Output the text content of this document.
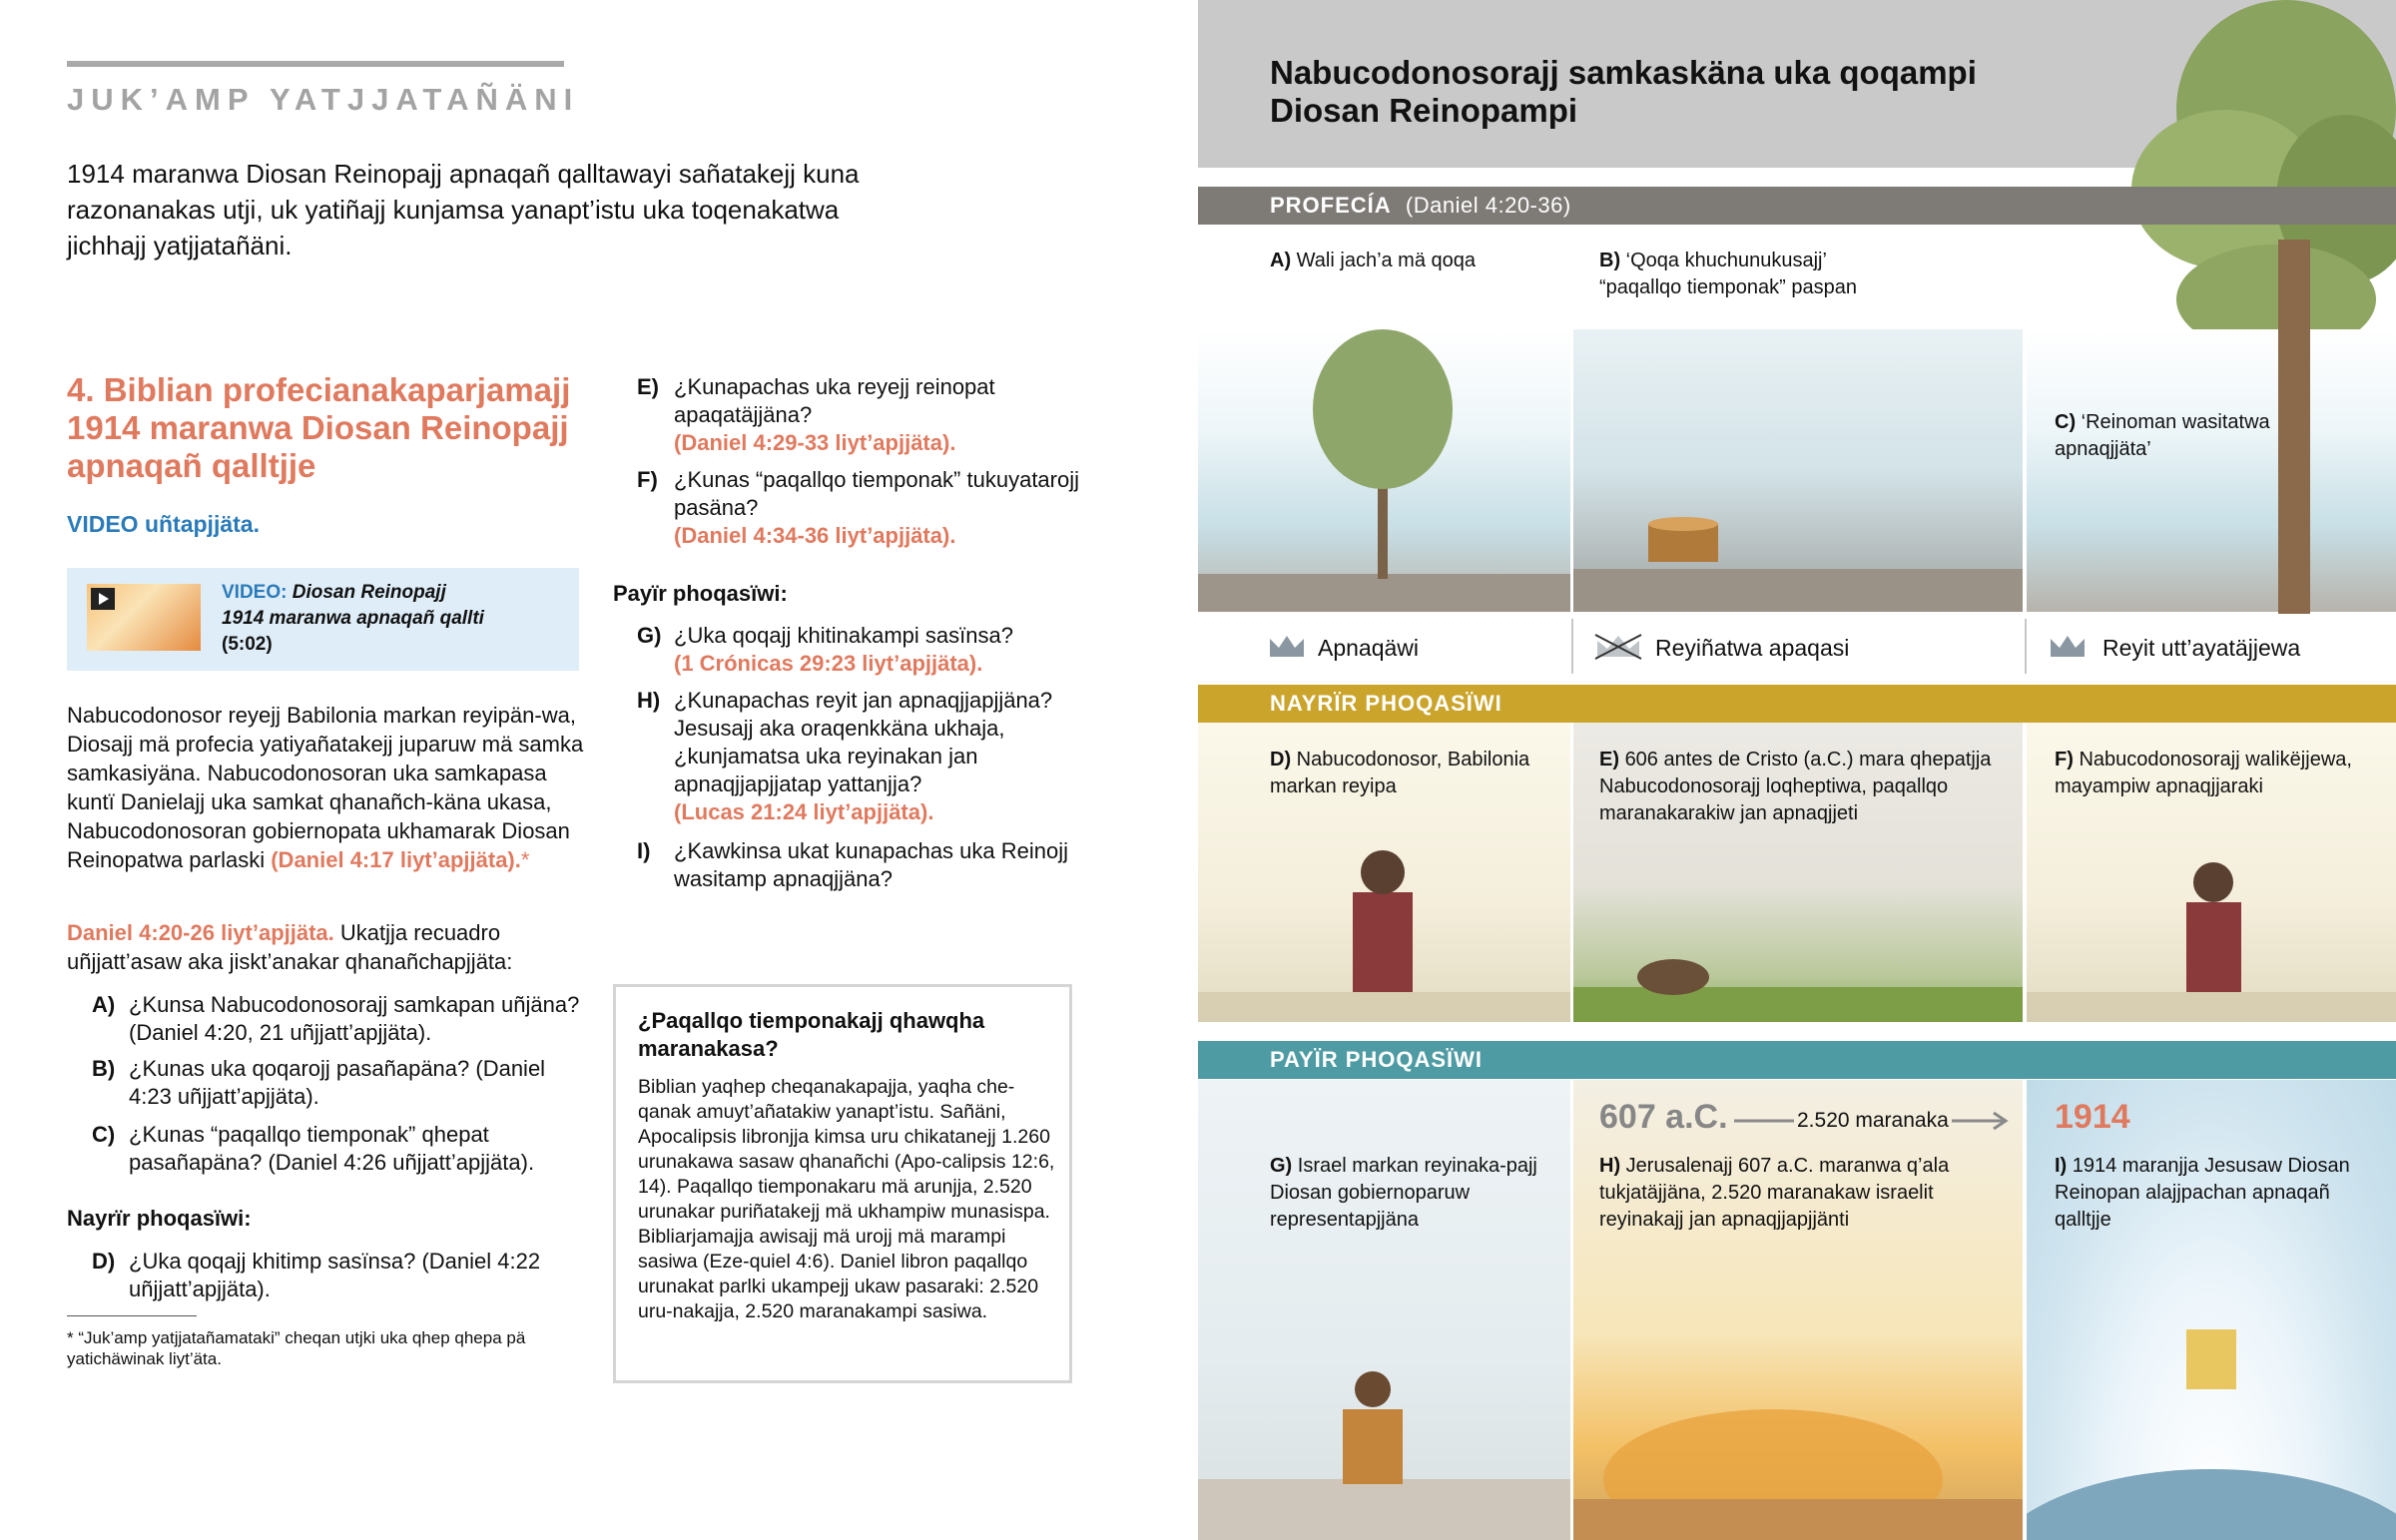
JUK’AMP YATJJATAÑÄNI
1914 maranwa Diosan Reinopajj apnaqañ qalltawayi sañatakejj kuna razonanakas utji, uk yatiñajj kunjamsa yanapt’istu uka toqenakatwa jichhajj yatjjatañäni.
4. Biblian profecianakaparjamajj 1914 maranwa Diosan Reinopajj apnaqañ qalltjje
VIDEO uñtapjjäta.
VIDEO: Diosan Reinopajj
1914 maranwa apnaqañ qallti
(5:02)
Nabucodonosor reyejj Babilonia markan reyipän-wa, Diosajj mä profecia yatiyañatakejj juparuw mä samka samkasiyäna. Nabucodonosoran uka samkapasa kuntï Danielajj uka samkat qhanañch-käna ukasa, Nabucodonosoran gobiernopata ukhamarak Diosan Reinopatwa parlaski (Daniel 4:17 liyt’apjjäta).*
Daniel 4:20-26 liyt’apjjäta. Ukatjja recuadro uñjjatt’asaw aka jiskt’anakar qhanañchapjjäta:
A) ¿Kunsa Nabucodonosorajj samkapan uñjäna? (Daniel 4:20, 21 uñjjatt’apjjäta).
B) ¿Kunas uka qoqarojj pasañapäna? (Daniel 4:23 uñjjatt’apjjäta).
C) ¿Kunas “paqallqo tiemponak” qhepat pasañapäna? (Daniel 4:26 uñjjatt’apjjäta).
Nayrïr phoqasïwi:
D) ¿Uka qoqajj khitimp sasïnsa? (Daniel 4:22 uñjjatt’apjjäta).
* “Juk’amp yatjjatañamataki” cheqan utjki uka qhep qhepa pä yatichäwinak liyt’äta.
E) ¿Kunapachas uka reyejj reinopat apaqatäjjäna?
(Daniel 4:29-33 liyt’apjjäta).
F) ¿Kunas “paqallqo tiemponak” tukuyatarojj pasäna?
(Daniel 4:34-36 liyt’apjjäta).
Payïr phoqasïwi:
G) ¿Uka qoqajj khitinakampi sasïnsa?
(1 Crónicas 29:23 liyt’apjjäta).
H) ¿Kunapachas reyit jan apnaqjjapjjäna? Jesusajj aka oraqenkkäna ukhaja, ¿kunjamatsa uka reyinakan jan apnaqjjapjjatap yattanjja?
(Lucas 21:24 liyt’apjjäta).
I) ¿Kawkinsa ukat kunapachas uka Reinojj wasitamp apnaqjjäna?
¿Paqallqo tiemponakajj qhawqha maranakasa?
Biblian yaqhep cheqanakapajja, yaqha che-qanak amuyt’añatakiw yanapt’istu. Sañäni, Apocalipsis libronjja kimsa uru chikatanejj 1.260 urunakawa sasaw qhanañchi (Apo-calipsis 12:6, 14). Paqallqo tiemponakaru mä arunjja, 2.520 urunakar puriñatakejj mä ukhampiw munasispa. Bibliarjamajja awisajj mä urojj mä marampi sasiwa (Eze-quiel 4:6). Daniel libron paqallqo urunakat parlki ukampejj ukaw pasaraki: 2.520 uru-nakajja, 2.520 maranakampi sasiwa.
Nabucodonosorajj samkaskäna uka qoqampi Diosan Reinopampi
PROFECÍA (Daniel 4:20-36)
A) Wali jach’a mä qoqa	B) ‘Qoqa khuchunukusajj’ “paqallqo tiemponak” paspan
C) ‘Reinoman wasitatwa apnaqjjäta’
Apnaqäwi	Reyiñatwa apaqasi	Reyit utt’ayatäjjewa
NAYRÏR PHOQASÏWI
D) Nabucodonosor, Babilonia markan reyipa
E) 606 antes de Cristo (a.C.) mara qhepatjja Nabucodonosorajj loqheptiwa, paqallqo maranakarakiw jan apnaqjjeti
F) Nabucodonosorajj walikëjjewa, mayampiw apnaqjjaraki
PAYÏR PHOQASÏWI
G) Israel markan reyinaka-pajj Diosan gobiernoparuw representapjjäna
607 a.C.	2.520 maranaka
H) Jerusalenajj 607 a.C. maranwa q’ala tukjatäjjäna, 2.520 maranakaw israelit reyinakajj jan apnaqjjapjjänti
1914
I) 1914 maranjja Jesusaw Diosan Reinopan alajjpachan apnaqañ qalltjje
